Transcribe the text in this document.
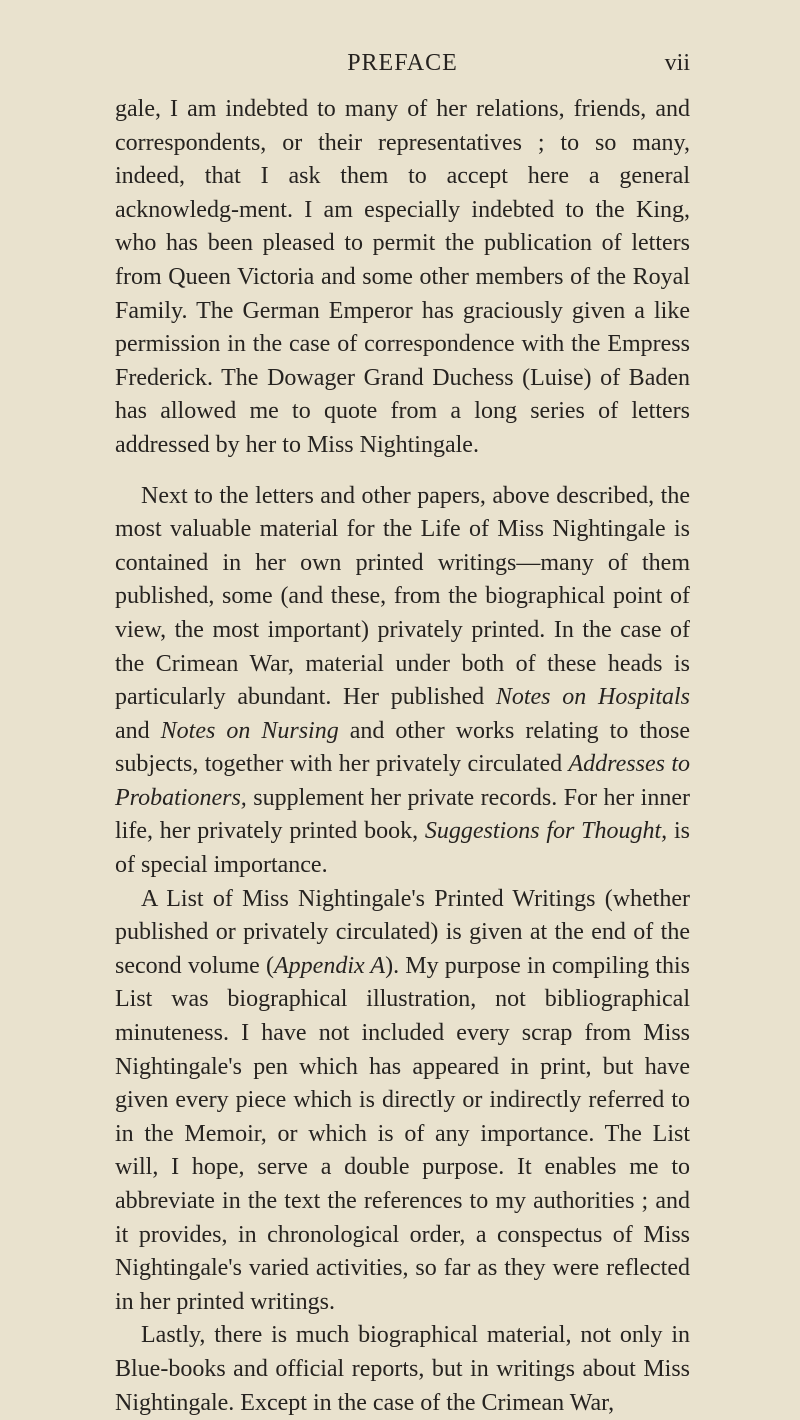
PREFACE	vii

gale, I am indebted to many of her relations, friends, and correspondents, or their representatives ; to so many, indeed, that I ask them to accept here a general acknowledg-ment. I am especially indebted to the King, who has been pleased to permit the publication of letters from Queen Victoria and some other members of the Royal Family. The German Emperor has graciously given a like permission in the case of correspondence with the Empress Frederick. The Dowager Grand Duchess (Luise) of Baden has allowed me to quote from a long series of letters addressed by her to Miss Nightingale.

Next to the letters and other papers, above described, the most valuable material for the Life of Miss Nightingale is contained in her own printed writings—many of them published, some (and these, from the biographical point of view, the most important) privately printed. In the case of the Crimean War, material under both of these heads is particularly abundant. Her published Notes on Hospitals and Notes on Nursing and other works relating to those subjects, together with her privately circulated Addresses to Probationers, supplement her private records. For her inner life, her privately printed book, Suggestions for Thought, is of special importance.

A List of Miss Nightingale's Printed Writings (whether published or privately circulated) is given at the end of the second volume (Appendix A). My purpose in compiling this List was biographical illustration, not bibliographical minuteness. I have not included every scrap from Miss Nightingale's pen which has appeared in print, but have given every piece which is directly or indirectly referred to in the Memoir, or which is of any importance. The List will, I hope, serve a double purpose. It enables me to abbreviate in the text the references to my authorities ; and it provides, in chronological order, a conspectus of Miss Nightingale's varied activities, so far as they were reflected in her printed writings.

Lastly, there is much biographical material, not only in Blue-books and official reports, but in writings about Miss Nightingale. Except in the case of the Crimean War,
